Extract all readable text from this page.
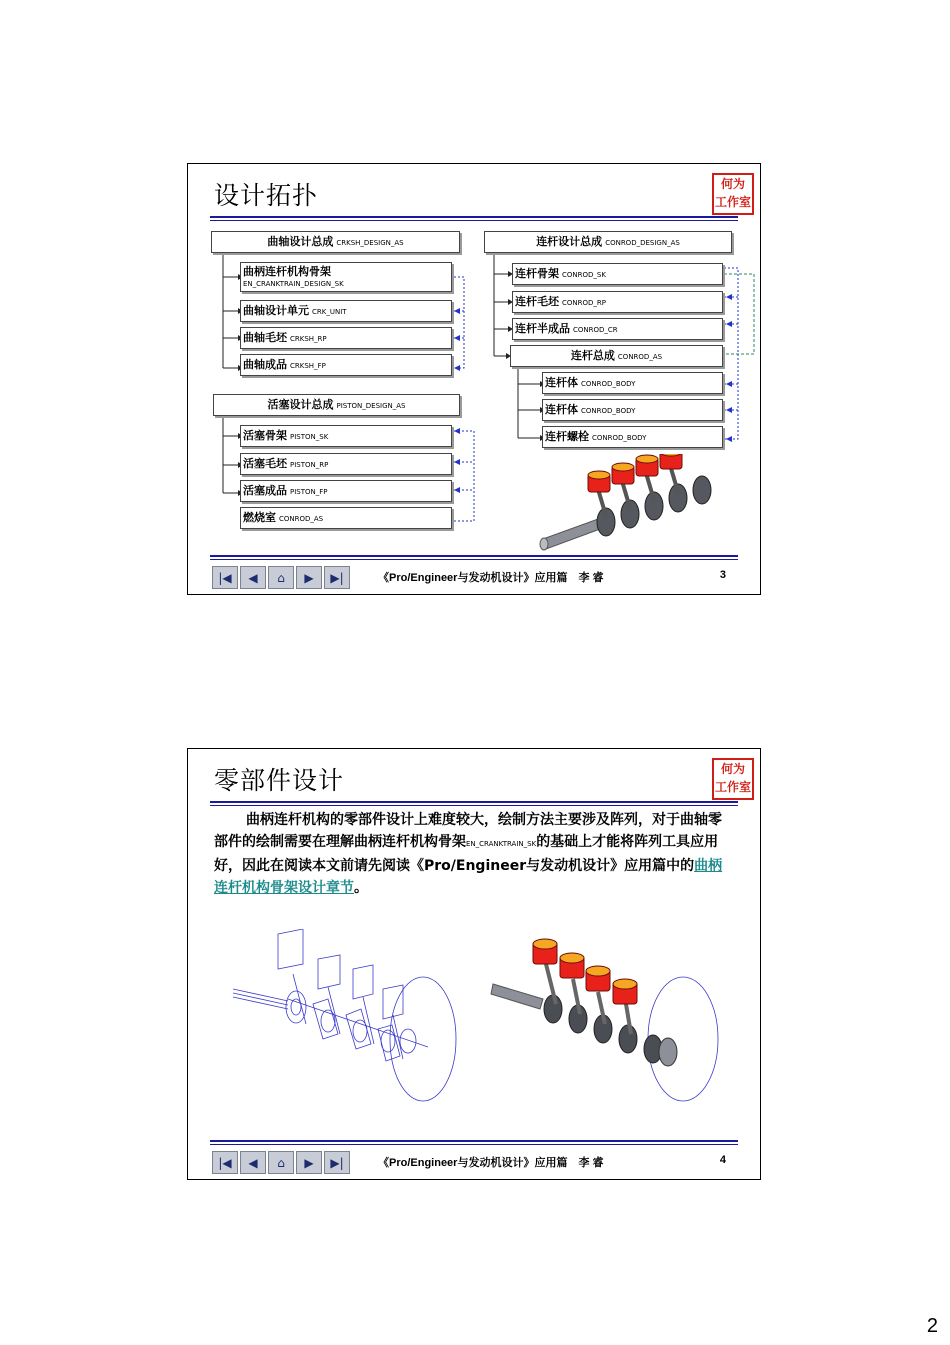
设计拓扑	何为
工作室
曲轴设计总成 CRKSH_DESIGN_AS
曲柄连杆机构骨架
EN_CRANKTRAIN_DESIGN_SK
曲轴设计单元 CRK_UNIT
曲轴毛坯 CRKSH_RP
曲轴成品 CRKSH_FP
活塞设计总成 PISTON_DESIGN_AS
活塞骨架 PISTON_SK
活塞毛坯 PISTON_RP
活塞成品 PISTON_FP
燃烧室 CONROD_AS
连杆设计总成 CONROD_DESIGN_AS
连杆骨架 CONROD_SK
连杆毛坯 CONROD_RP
连杆半成品 CONROD_CR
连杆总成 CONROD_AS
连杆体 CONROD_BODY
连杆体 CONROD_BODY
连杆螺栓 CONROD_BODY
|◀	◀	⌂	▶	▶|	《Pro/Engineer与发动机设计》应用篇　李 睿	3
零部件设计	何为
工作室
曲柄连杆机构的零部件设计上难度较大，绘制方法主要涉及阵列，对于曲轴零部件的绘制需要在理解曲柄连杆机构骨架EN_CRANKTRAIN_SK的基础上才能将阵列工具应用好，因此在阅读本文前请先阅读《Pro/Engineer与发动机设计》应用篇中的曲柄连杆机构骨架设计章节。
|◀	◀	⌂	▶	▶|	《Pro/Engineer与发动机设计》应用篇　李 睿	4
2
